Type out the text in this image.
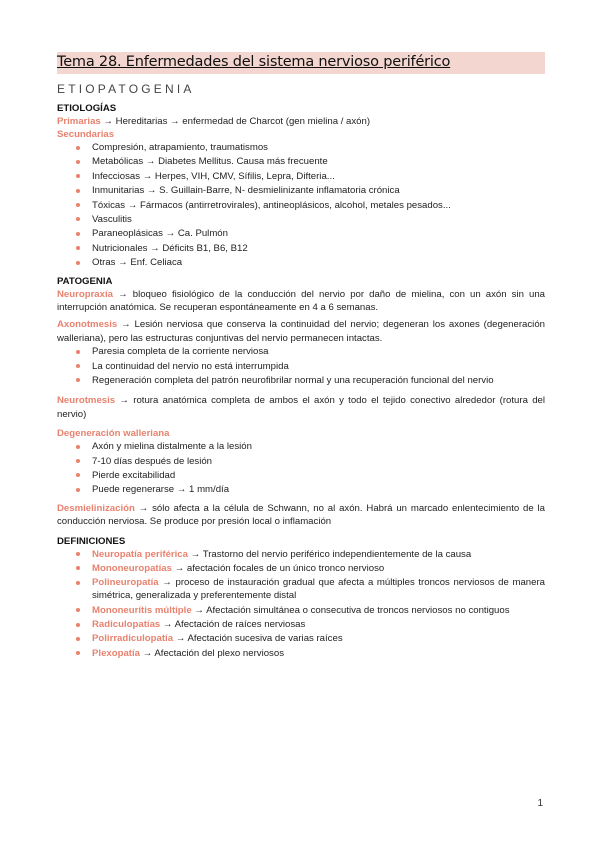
Tema 28. Enfermedades del sistema nervioso periférico
ETIOPATOGENIA

ETIOLOGÍAS

Primarias → Hereditarias → enfermedad de Charcot (gen mielina / axón)

Secundarias

Compresión, atrapamiento, traumatismos
Metabólicas → Diabetes Mellitus. Causa más frecuente
Infecciosas → Herpes, VIH, CMV, Sífilis, Lepra, Difteria...
Inmunitarias → S. Guillain-Barre, N- desmielinizante inflamatoria crónica
Tóxicas → Fármacos (antirretrovirales), antineoplásicos, alcohol, metales pesados...
Vasculitis
Paraneoplásicas → Ca. Pulmón
Nutricionales → Déficits B1, B6, B12
Otras → Enf. Celiaca

PATOGENIA

Neuropraxía → bloqueo fisiológico de la conducción del nervio por daño de mielina, con un axón sin una interrupción anatómica. Se recuperan espontáneamente en 4 a 6 semanas.

Axonotmesis → Lesión nerviosa que conserva la continuidad del nervio; degeneran los axones (degeneración walleriana), pero las estructuras conjuntivas del nervio permanecen intactas.

Paresia completa de la corriente nerviosa
La continuidad del nervio no está interrumpida
Regeneración completa del patrón neurofibrilar normal y una recuperación funcional del nervio

Neurotmesis → rotura anatómica completa de ambos el axón y todo el tejido conectivo alrededor (rotura del nervio)

Degeneración walleriana

Axón y mielina distalmente a la lesión
7-10 días después de lesión
Pierde excitabilidad
Puede regenerarse → 1 mm/día

Desmielinización → sólo afecta a la célula de Schwann, no al axón. Habrá un marcado enlentecimiento de la conducción nerviosa. Se produce por presión local o inflamación

DEFINICIONES

Neuropatía periférica → Trastorno del nervio periférico independientemente de la causa
Mononeuropatías → afectación focales de un único tronco nervioso
Polineuropatía → proceso de instauración gradual que afecta a múltiples troncos nerviosos de manera simétrica, generalizada y preferentemente distal
Mononeurítis múltiple → Afectación simultánea o consecutiva de troncos nerviosos no contiguos
Radiculopatías → Afectación de raíces nerviosas
Polirradiculopatía → Afectación sucesiva de varias raíces
Plexopatía → Afectación del plexo nerviosos
1
